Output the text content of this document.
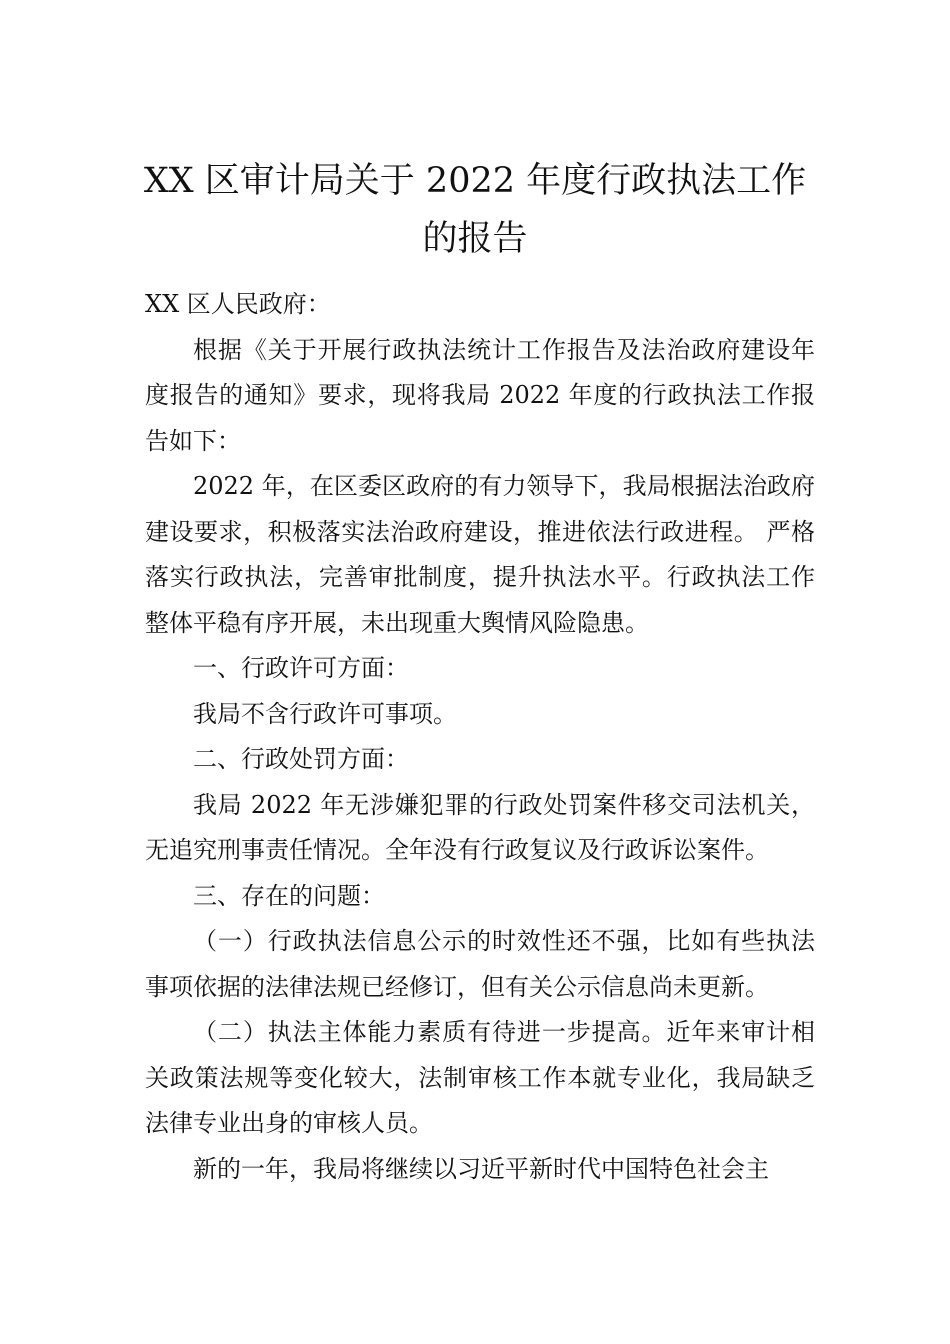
XX 区审计局关于 2022 年度行政执法工作
的报告

XX 区人民政府：

根据《关于开展行政执法统计工作报告及法治政府建设年度报告的通知》要求，现将我局 2022 年度的行政执法工作报告如下：

2022 年，在区委区政府的有力领导下，我局根据法治政府建设要求，积极落实法治政府建设，推进依法行政进程。 严格落实行政执法，完善审批制度，提升执法水平。行政执法工作整体平稳有序开展，未出现重大舆情风险隐患。

一、行政许可方面：

我局不含行政许可事项。

二、行政处罚方面：

我局 2022 年无涉嫌犯罪的行政处罚案件移交司法机关，无追究刑事责任情况。全年没有行政复议及行政诉讼案件。

三、存在的问题：

（一）行政执法信息公示的时效性还不强，比如有些执法事项依据的法律法规已经修订，但有关公示信息尚未更新。

（二）执法主体能力素质有待进一步提高。近年来审计相关政策法规等变化较大，法制审核工作本就专业化，我局缺乏法律专业出身的审核人员。

新的一年，我局将继续以习近平新时代中国特色社会主
